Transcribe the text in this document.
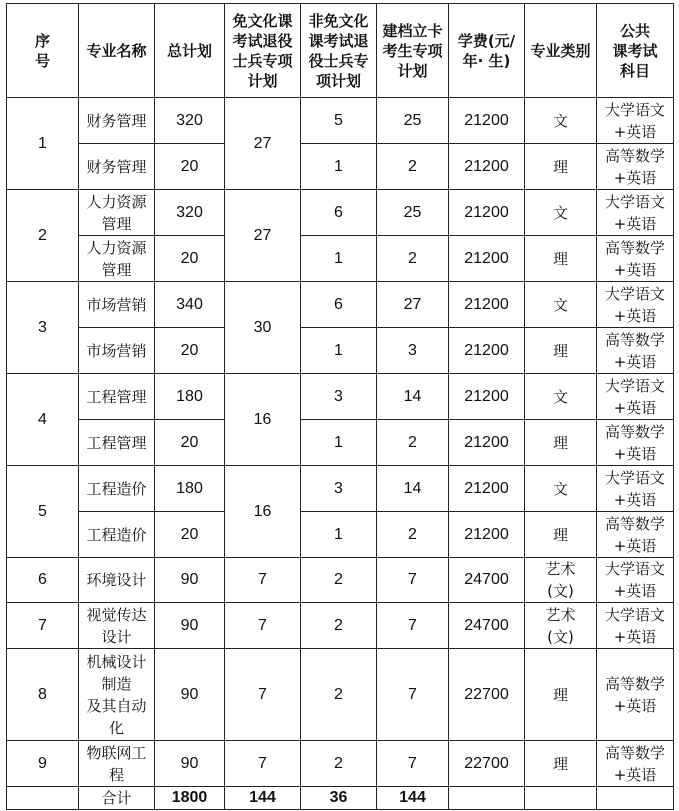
序
号	专业名称	总计划	免文化课
考试退役
士兵专项
计划	非免文化
课考试退
役士兵专
项计划	建档立卡
考生专项
计划	学费(元/
年· 生)	专业类别	公共
课考试
科目
1	财务管理	320	27	5	25	21200	文	大学语文
+英语
	财务管理	20		1	2	21200	理	高等数学
+英语
2	人力资源
管理	320	27	6	25	21200	文	大学语文
+英语
	人力资源
管理	20		1	2	21200	理	高等数学
+英语
3	市场营销	340	30	6	27	21200	文	大学语文
+英语
	市场营销	20		1	3	21200	理	高等数学
+英语
4	工程管理	180	16	3	14	21200	文	大学语文
+英语
	工程管理	20		1	2	21200	理	高等数学
+英语
5	工程造价	180	16	3	14	21200	文	大学语文
+英语
	工程造价	20		1	2	21200	理	高等数学
+英语
6	环境设计	90	7	2	7	24700	艺术
(文)	大学语文
+英语
7	视觉传达
设计	90	7	2	7	24700	艺术
(文)	大学语文
+英语
8	机械设计
制造
及其自动
化	90	7	2	7	22700	理	高等数学
+英语
9	物联网工
程	90	7	2	7	22700	理	高等数学
+英语
	合计	1800	144	36	144			
